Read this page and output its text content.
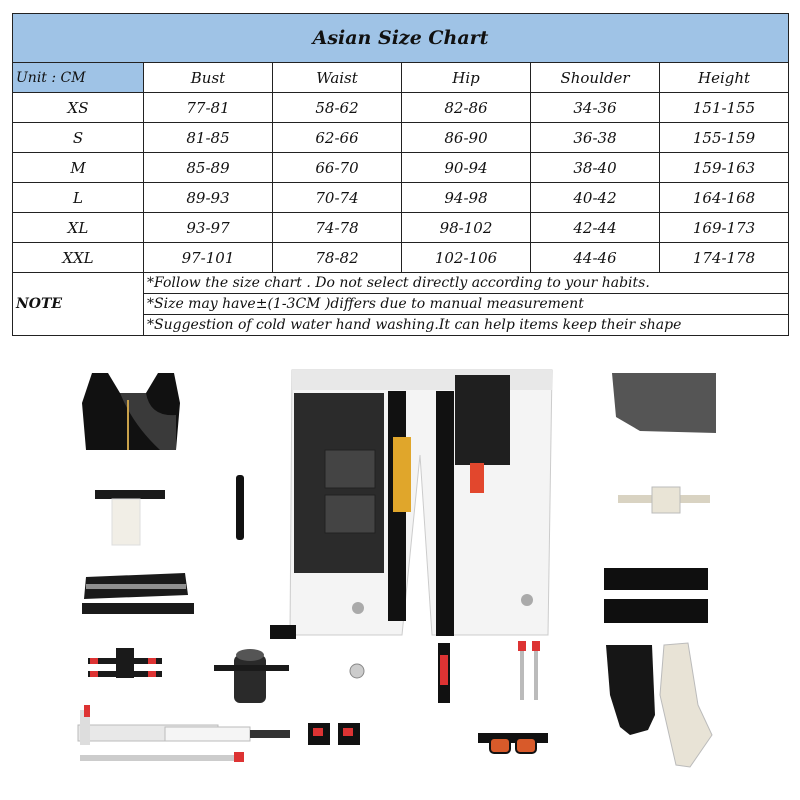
Asian Size Chart					
Unit : CM	Bust	Waist	Hip	Shoulder	Height
XS	77-81	58-62	82-86	34-36	151-155
S	81-85	62-66	86-90	36-38	155-159
M	85-89	66-70	90-94	38-40	159-163
L	89-93	70-74	94-98	40-42	164-168
XL	93-97	74-78	98-102	42-44	169-173
XXL	97-101	78-82	102-106	44-46	174-178
NOTE	*Follow the size chart . Do not select directly according to your habits.				
	*Size may have±(1-3CM )differs due to manual measurement				
	*Suggestion of cold water hand washing.It can help items keep their shape				
